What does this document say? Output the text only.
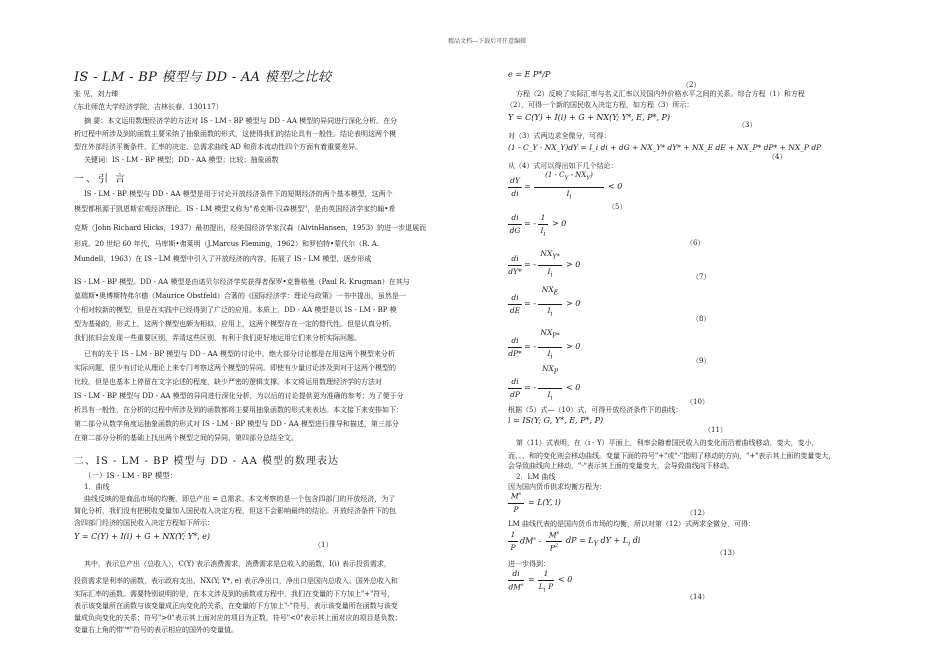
精品文档---下载后可任意编辑
IS - LM - BP 模型与 DD - AA 模型之比较
张 见，刘力臻
（东北师范大学经济学院，吉林长春，130117）
摘 要：本文运用数理经济学的方法对 IS - LM - BP 模型与 DD - AA 模型的异同进行深化分析。在分
析过程中所涉及到的函数主要采纳了抽象函数的形式，这使得我们的结论具有一般性。结论表明这两个模
型在外部经济平衡条件、汇率的决定、总需求曲线 AD 和资本流动性四个方面有着重要差异。
关键词：IS - LM - BP 模型；DD - AA 模型；比较；抽象函数
一、引 言
IS - LM - BP 模型与 DD - AA 模型是用于讨论开放经济条件下的短期经济的两个基本模型，这两个
模型都根源于凯恩斯宏观经济理论。IS - LM 模型又称为"希克斯-汉森模型"，是由英国经济学家约翰•希
克斯（John Richard Hicks，1937）最初提出，经美国经济学家汉森（AlvinHansen，1953）的进一步退展而
形成。20 世纪 60 年代，马库斯•弗莱明（J.Marcus Fleming，1962）和罗伯特•蒙代尔（R. A.
Mundell，1963）在 IS - LM 模型中引入了开放经济的内容，拓展了 IS - LM 模型，逐步形成
IS - LM - BP 模型。DD - AA 模型是由诺贝尔经济学奖获得者保罗•克鲁格曼（Paul R. Krugman）在其与
莫瑞斯•奥博斯特弗尔德（Maurice Obstfeld）合著的《国际经济学：理论与政策》一书中提出，虽然是一
个相对较新的模型，但是在实践中已经得到了广泛的应用。本质上，DD - AA 模型是以 IS - LM - BP 模
型为基础的，形式上，这两个模型也颇为相似，应用上，这两个模型存在一定的替代性。但是认真分析，
我们依旧会发现一些重要区别，弄清这些区别，有利于我们更好地运用它们来分析实际问题。
已有的关于 IS - LM - BP 模型与 DD - AA 模型的讨论中，绝大部分讨论都是在用这两个模型来分析
实际问题，很少有讨论从理论上来专门考察这两个模型的异同。即使有少量讨论涉及到对于这两个模型的
比较，但是也基本上停留在文字论述的程度，缺少严密的逻辑支撑。本文将运用数理经济学的方法对
IS - LM - BP 模型与 DD - AA 模型的异同进行深化分析，为以后的讨论提供更为准确的参考；为了便于分
析具有一般性，在分析的过程中所涉及到的函数都将主要用抽象函数的形式来表达。本文接下来安排如下：
第二部分从数学角度运抽象函数的形式对 IS - LM - BP 模型与 DD - AA 模型进行推导和描述，第三部分
在第二部分分析的基础上找出两个模型之间的异同，第四部分总结全文。
二、IS - LM - BP 模型与 DD - AA 模型的数理表达
（一）IS - LM - BP 模型：
1．曲线
曲线反映的是商品市场的均衡，即总产出 = 总需求。本文考察的是一个包含四部门的开放经济，为了
简化分析，我们没有把税收变量加入国民收入决定方程，但这不会影响最终的结论。开放经济条件下的包
含四部门经济的国民收入决定方程如下所示：
Y = C(Y) + I(i) + G + NX(Y; Y*, e)
（1）
其中，表示总产出（总收入），C(Y) 表示消费需求，消费需求是总收入的函数，I(i) 表示投资需求，
投资需求是利率的函数，表示政府支出，NX(Y; Y*, e) 表示净出口，净出口是国内总收入、国外总收入和
实际汇率的函数。需要特别说明的是，在本文涉及到的函数或方程中，我们在变量的下方加上"+"符号，
表示该变量所在函数与该变量成正向变化的关系，在变量的下方加上"-"符号，表示该变量所在函数与该变
量成负向变化的关系；符号">0"表示其上面对应的项目为正数，符号"<0"表示其上面对应的项目是负数；
变量右上角的带"*"符号的表示相应的国外的变量值。
e = E P*/P
（2）
方程（2）反映了实际汇率与名义汇率以及国内外价格水平之间的关系。综合方程（1）和方程
（2），可得一个新的国民收入决定方程，如方程（3）所示：
Y = C(Y) + I(i) + G + NX(Y; Y*, E, P*, P)
（3）
对（3）式两边求全微分，可得：
(1 - C_Y - NX_Y)dY = I_i di + dG + NX_Y* dY* + NX_E dE + NX_P* dP* + NX_P dP
（4）
从（4）式可以得出如下几个结论：
dY
di
=
$(1 - C_Y - NX_Y)$
$I_i$
< 0
（5）
di
dG
= -
1
$I_i$
> 0
（6）
di
dY*
= -
$NX_{Y*}$
$I_i$
> 0
（7）
di
dE
= -
$NX_E$
$I_i$
> 0
（8）
di
dP*
= -
$NX_{P*}$
$I_i$
> 0
（9）
di
dP
= -
$NX_P$
$I_i$
< 0
（10）
根据（5）式—（10）式，可得开放经济条件下的曲线：
i = IS(Y; G, Y*, E, P*, P)
（11）
第（11）式表明，在（i - Y）平面上，利率会随着国民收入的变化而沿着曲线移动，变大，变小，
而、、、和的变化则会移动曲线。变量下面的符号"+"或"-"指明了移动的方向，"+"表示其上面的变量变大，
会导致曲线向上移动，"-"表示其上面的变量变大，会导致曲线向下移动。
2．LM 曲线
因为国内货币供求均衡方程为：
$M^s$
P
= L(Y, i)
（12）
LM 曲线代表的是国内货币市场的均衡，所以对第（12）式两求全微分，可得：
1
P
$dM^s$ -
$M^s$
$P^2$
dP = $L_Y$ dY + $L_i$ di
（13）
进一步得到：
di
$dM^s$
=
1
$L_i$ P
< 0
（14）
